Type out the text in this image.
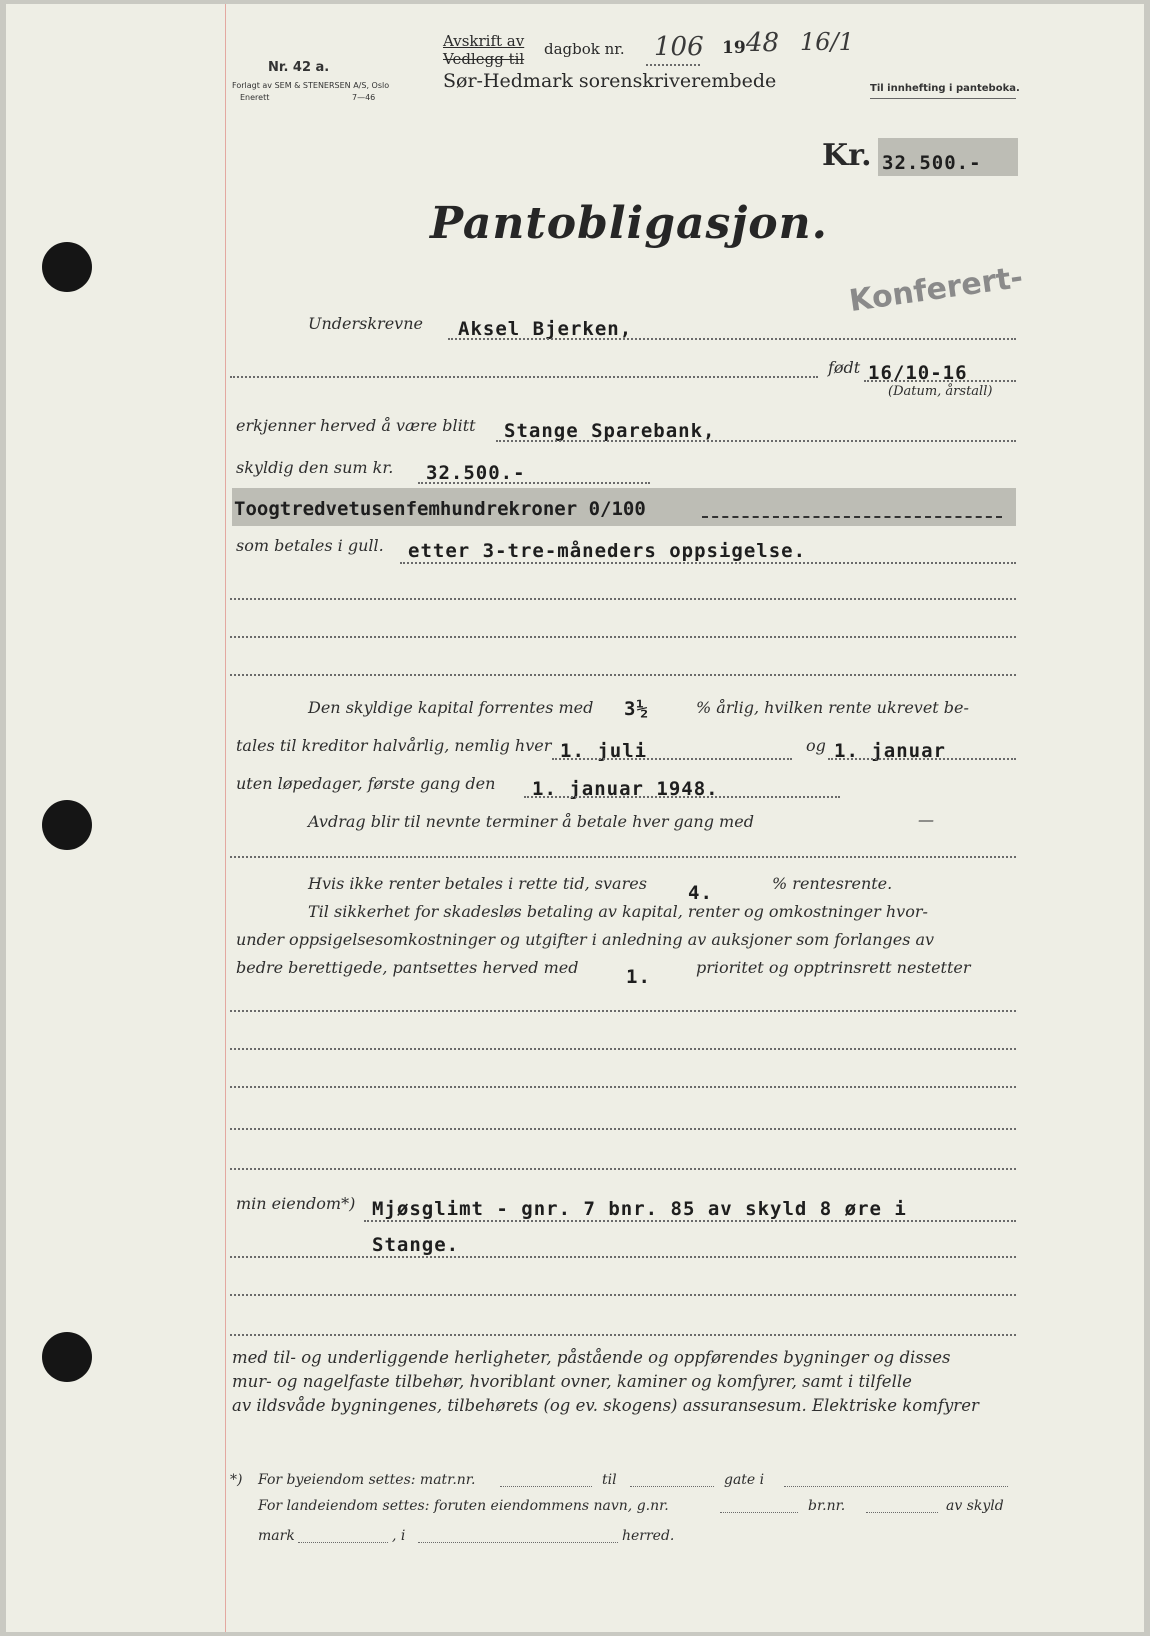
Nr. 42 a.
Forlagt av SEM & STENERSEN A/S, Oslo
Enerett	7—46
Avskrift av
Vedlegg til
dagbok nr. 106 19 48 16/1
Sør-Hedmark sorenskriverembede	Til innhefting i panteboka.
Kr. 32.500.-
Pantobligasjon.
Konferert-
Underskrevne Aksel Bjerken,
født 16/10-16
(Datum, årstall)
erkjenner herved å være blitt Stange Sparebank,
skyldig den sum kr. 32.500.-
Toogtredvetusenfemhundrekroner 0/100
som betales i gull. etter 3-tre-måneders oppsigelse.
Den skyldige kapital forrentes med 3½	% årlig, hvilken rente ukrevet be-
tales til kreditor halvårlig, nemlig hver 1. juli	og 1. januar
uten løpedager, første gang den 1. januar 1948.
Avdrag blir til nevnte terminer å betale hver gang med	—
Hvis ikke renter betales i rette tid, svares 4.	% rentesrente.
Til sikkerhet for skadesløs betaling av kapital, renter og omkostninger hvor-
under oppsigelsesomkostninger og utgifter i anledning av auksjoner som forlanges av
bedre berettigede, pantsettes herved med 1.	prioritet og opptrinsrett nestetter
min eiendom*) Mjøsglimt - gnr. 7 bnr. 85 av skyld 8 øre i
Stange.
med til- og underliggende herligheter, påstående og oppførendes bygninger og disses
mur- og nagelfaste tilbehør, hvoriblant ovner, kaminer og komfyrer, samt i tilfelle
av ildsvåde bygningenes, tilbehørets (og ev. skogens) assuransesum. Elektriske komfyrer
*) For byeiendom settes: matr.nr.	til	gate i
For landeiendom settes: foruten eiendommens navn, g.nr.	br.nr.	av skyld
mark	, i	herred.
